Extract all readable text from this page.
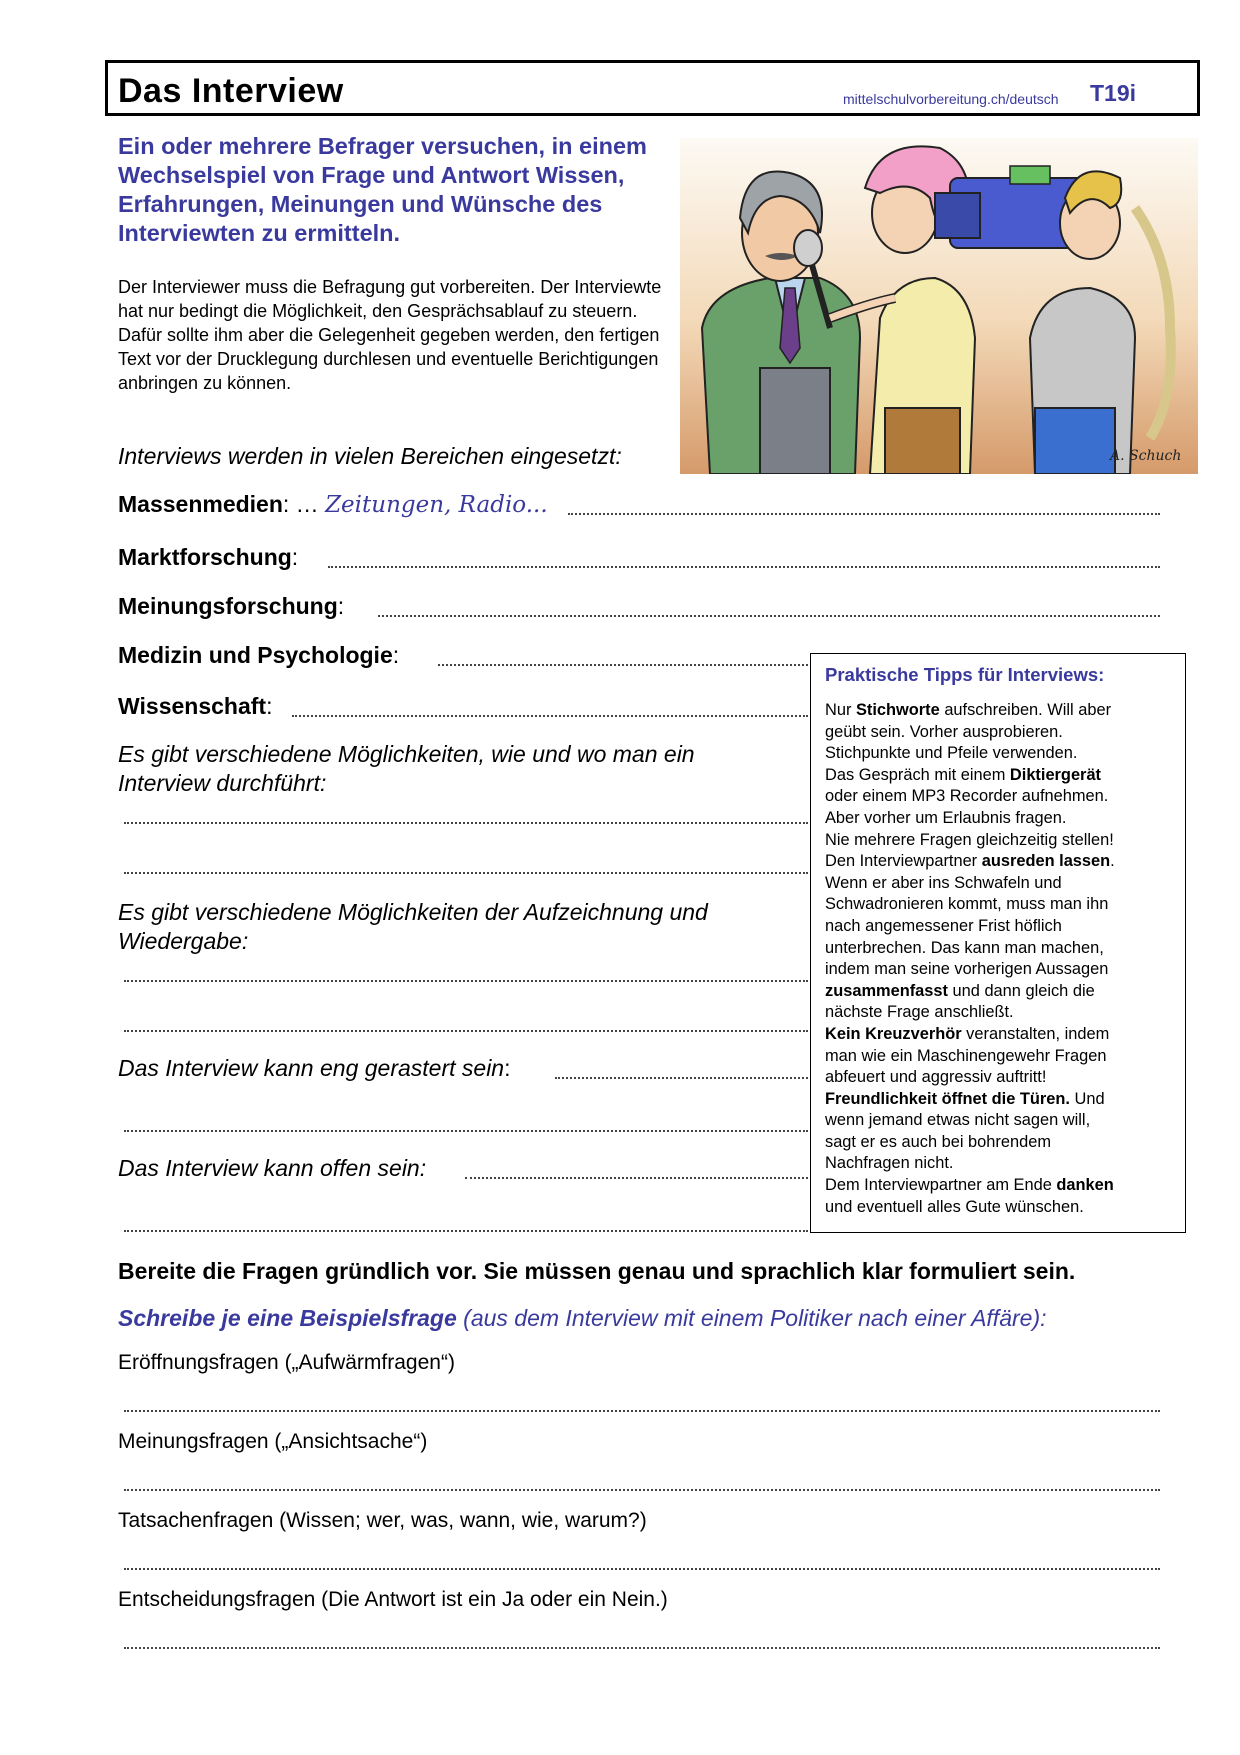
Das Interview	mittelschulvorbereitung.ch/deutsch T19i
Ein oder mehrere Befrager versuchen, in einem Wechselspiel von Frage und Antwort Wissen, Erfahrungen, Meinungen und Wünsche des Interviewten zu ermitteln.
Der Interviewer muss die Befragung gut vorbereiten. Der Interviewte hat nur bedingt die Möglichkeit, den Gesprächsablauf zu steuern. Dafür sollte ihm aber die Gelegenheit gegeben werden, den fertigen Text vor der Drucklegung durchlesen und eventuelle Berichtigungen anbringen zu können.
A. Schuch
Interviews werden in vielen Bereichen eingesetzt:
Massenmedien: … Zeitungen, Radio...
Marktforschung:
Meinungsforschung:
Medizin und Psychologie:
Wissenschaft:
Es gibt verschiedene Möglichkeiten, wie und wo man ein Interview durchführt:
Es gibt verschiedene Möglichkeiten der Aufzeichnung und Wiedergabe:
Das Interview kann eng gerastert sein:
Das Interview kann offen sein:
Praktische Tipps für Interviews:
Nur Stichworte aufschreiben. Will aber
geübt sein. Vorher ausprobieren.
Stichpunkte und Pfeile verwenden.
Das Gespräch mit einem Diktiergerät
oder einem MP3 Recorder aufnehmen.
Aber vorher um Erlaubnis fragen.
Nie mehrere Fragen gleichzeitig stellen!
Den Interviewpartner ausreden lassen.
Wenn er aber ins Schwafeln und
Schwadronieren kommt, muss man ihn
nach angemessener Frist höflich
unterbrechen. Das kann man machen,
indem man seine vorherigen Aussagen
zusammenfasst und dann gleich die
nächste Frage anschließt.
Kein Kreuzverhör veranstalten, indem
man wie ein Maschinengewehr Fragen
abfeuert und aggressiv auftritt!
Freundlichkeit öffnet die Türen. Und
wenn jemand etwas nicht sagen will,
sagt er es auch bei bohrendem
Nachfragen nicht.
Dem Interviewpartner am Ende danken
und eventuell alles Gute wünschen.
Bereite die Fragen gründlich vor. Sie müssen genau und sprachlich klar formuliert sein.
Schreibe je eine Beispielsfrage (aus dem Interview mit einem Politiker nach einer Affäre):
Eröffnungsfragen („Aufwärmfragen“)
Meinungsfragen („Ansichtsache“)
Tatsachenfragen (Wissen; wer, was, wann, wie, warum?)
Entscheidungsfragen (Die Antwort ist ein Ja oder ein Nein.)
